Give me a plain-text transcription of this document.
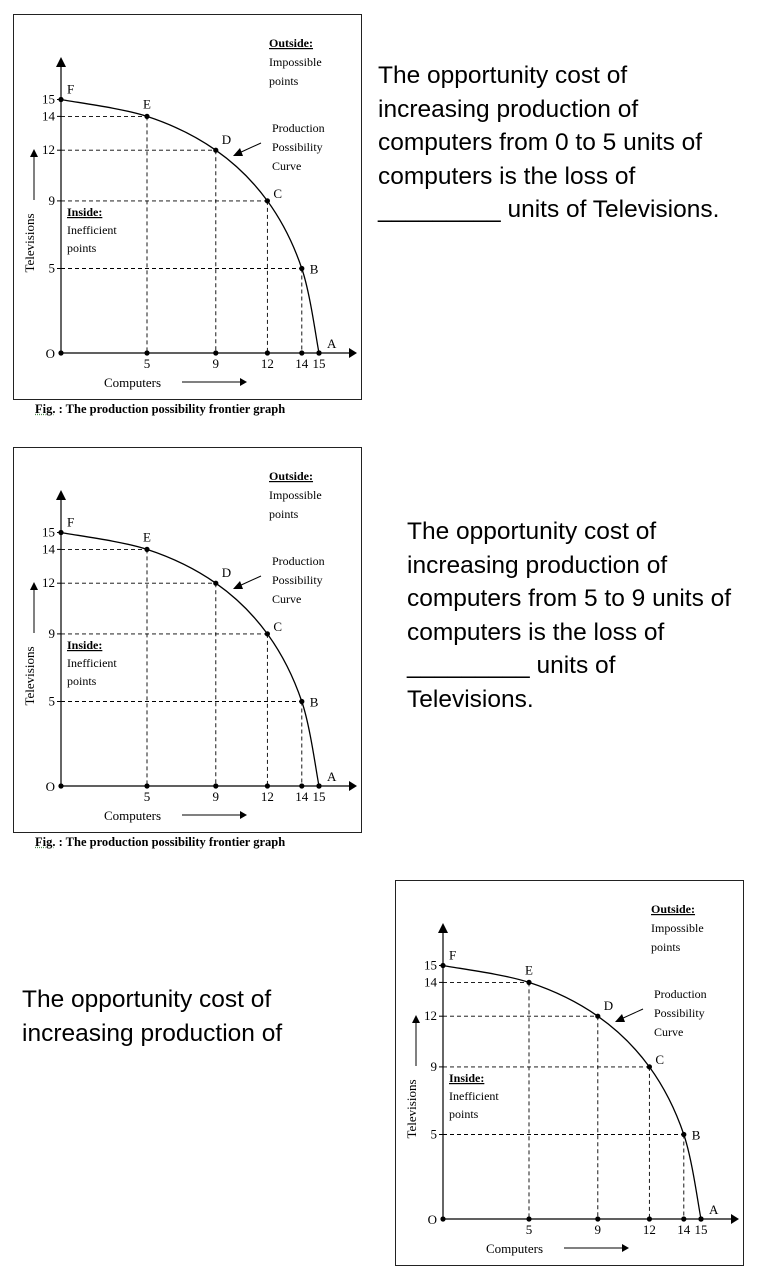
5	9	12 14 15
15
14
12
9
5
O
F
E
D
C
B
A
Computers
Televisions
Outside:
Impossible
points
Inside:
Inefficient
points
Production
Possibility
Curve
Fig. : The production possibility frontier graph

The opportunity cost of increasing production of computers from 0 to 5 units of computers is the loss of _________ units of Televisions.

5	9	12 14 15
15
14
12
9
5
O
F
E
D
C
B
A
Computers
Televisions
Outside:
Impossible
points
Inside:
Inefficient
points
Production
Possibility
Curve
Fig. : The production possibility frontier graph

The opportunity cost of increasing production of computers from 5 to 9 units of computers is the loss of _________ units of Televisions.

5	9	12 14 15
15
14
12
9
5
O
F
E
D
C
B
A
Computers
Televisions
Outside:
Impossible
points
Inside:
Inefficient
points
Production
Possibility
Curve

The opportunity cost of increasing production of
